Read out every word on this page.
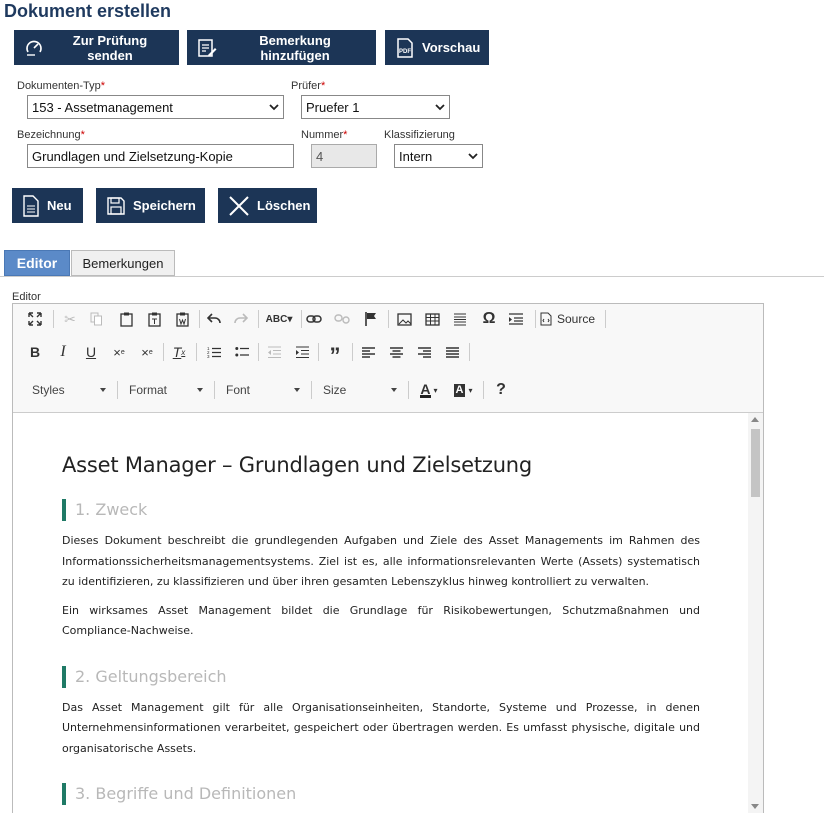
Dokument erstellen
Zur Prüfung senden
Bemerkung hinzufügen	PDF Vorschau
Dokumenten-Typ*
153 - Assetmanagement
Prüfer*
Pruefer 1
Bezeichnung*
Grundlagen und Zielsetzung-Kopie
Nummer*
4
Klassifizierung
Intern
Neu	Speichern	Löschen
Editor	Bemerkungen
Editor
✂	ABC▾	Ω	Source
B	I	U	× e	× e	T x	1
2
3	”
Styles	Format	Font	Size	A ▾ A ▾	?
Asset Manager – Grundlagen und Zielsetzung
1. Zweck

Dieses Dokument beschreibt die grundlegenden Aufgaben und Ziele des Asset Managements im Rahmen des Informationssicherheitsmanagementsystems. Ziel ist es, alle informationsrelevanten Werte (Assets) systematisch zu identifizieren, zu klassifizieren und über ihren gesamten Lebenszyklus hinweg kontrolliert zu verwalten.

Ein wirksames Asset Management bildet die Grundlage für Risikobewertungen, Schutzmaßnahmen und Compliance-Nachweise.

2. Geltungsbereich

Das Asset Management gilt für alle Organisationseinheiten, Standorte, Systeme und Prozesse, in denen Unternehmensinformationen verarbeitet, gespeichert oder übertragen werden. Es umfasst physische, digitale und organisatorische Assets.

3. Begriffe und Definitionen
